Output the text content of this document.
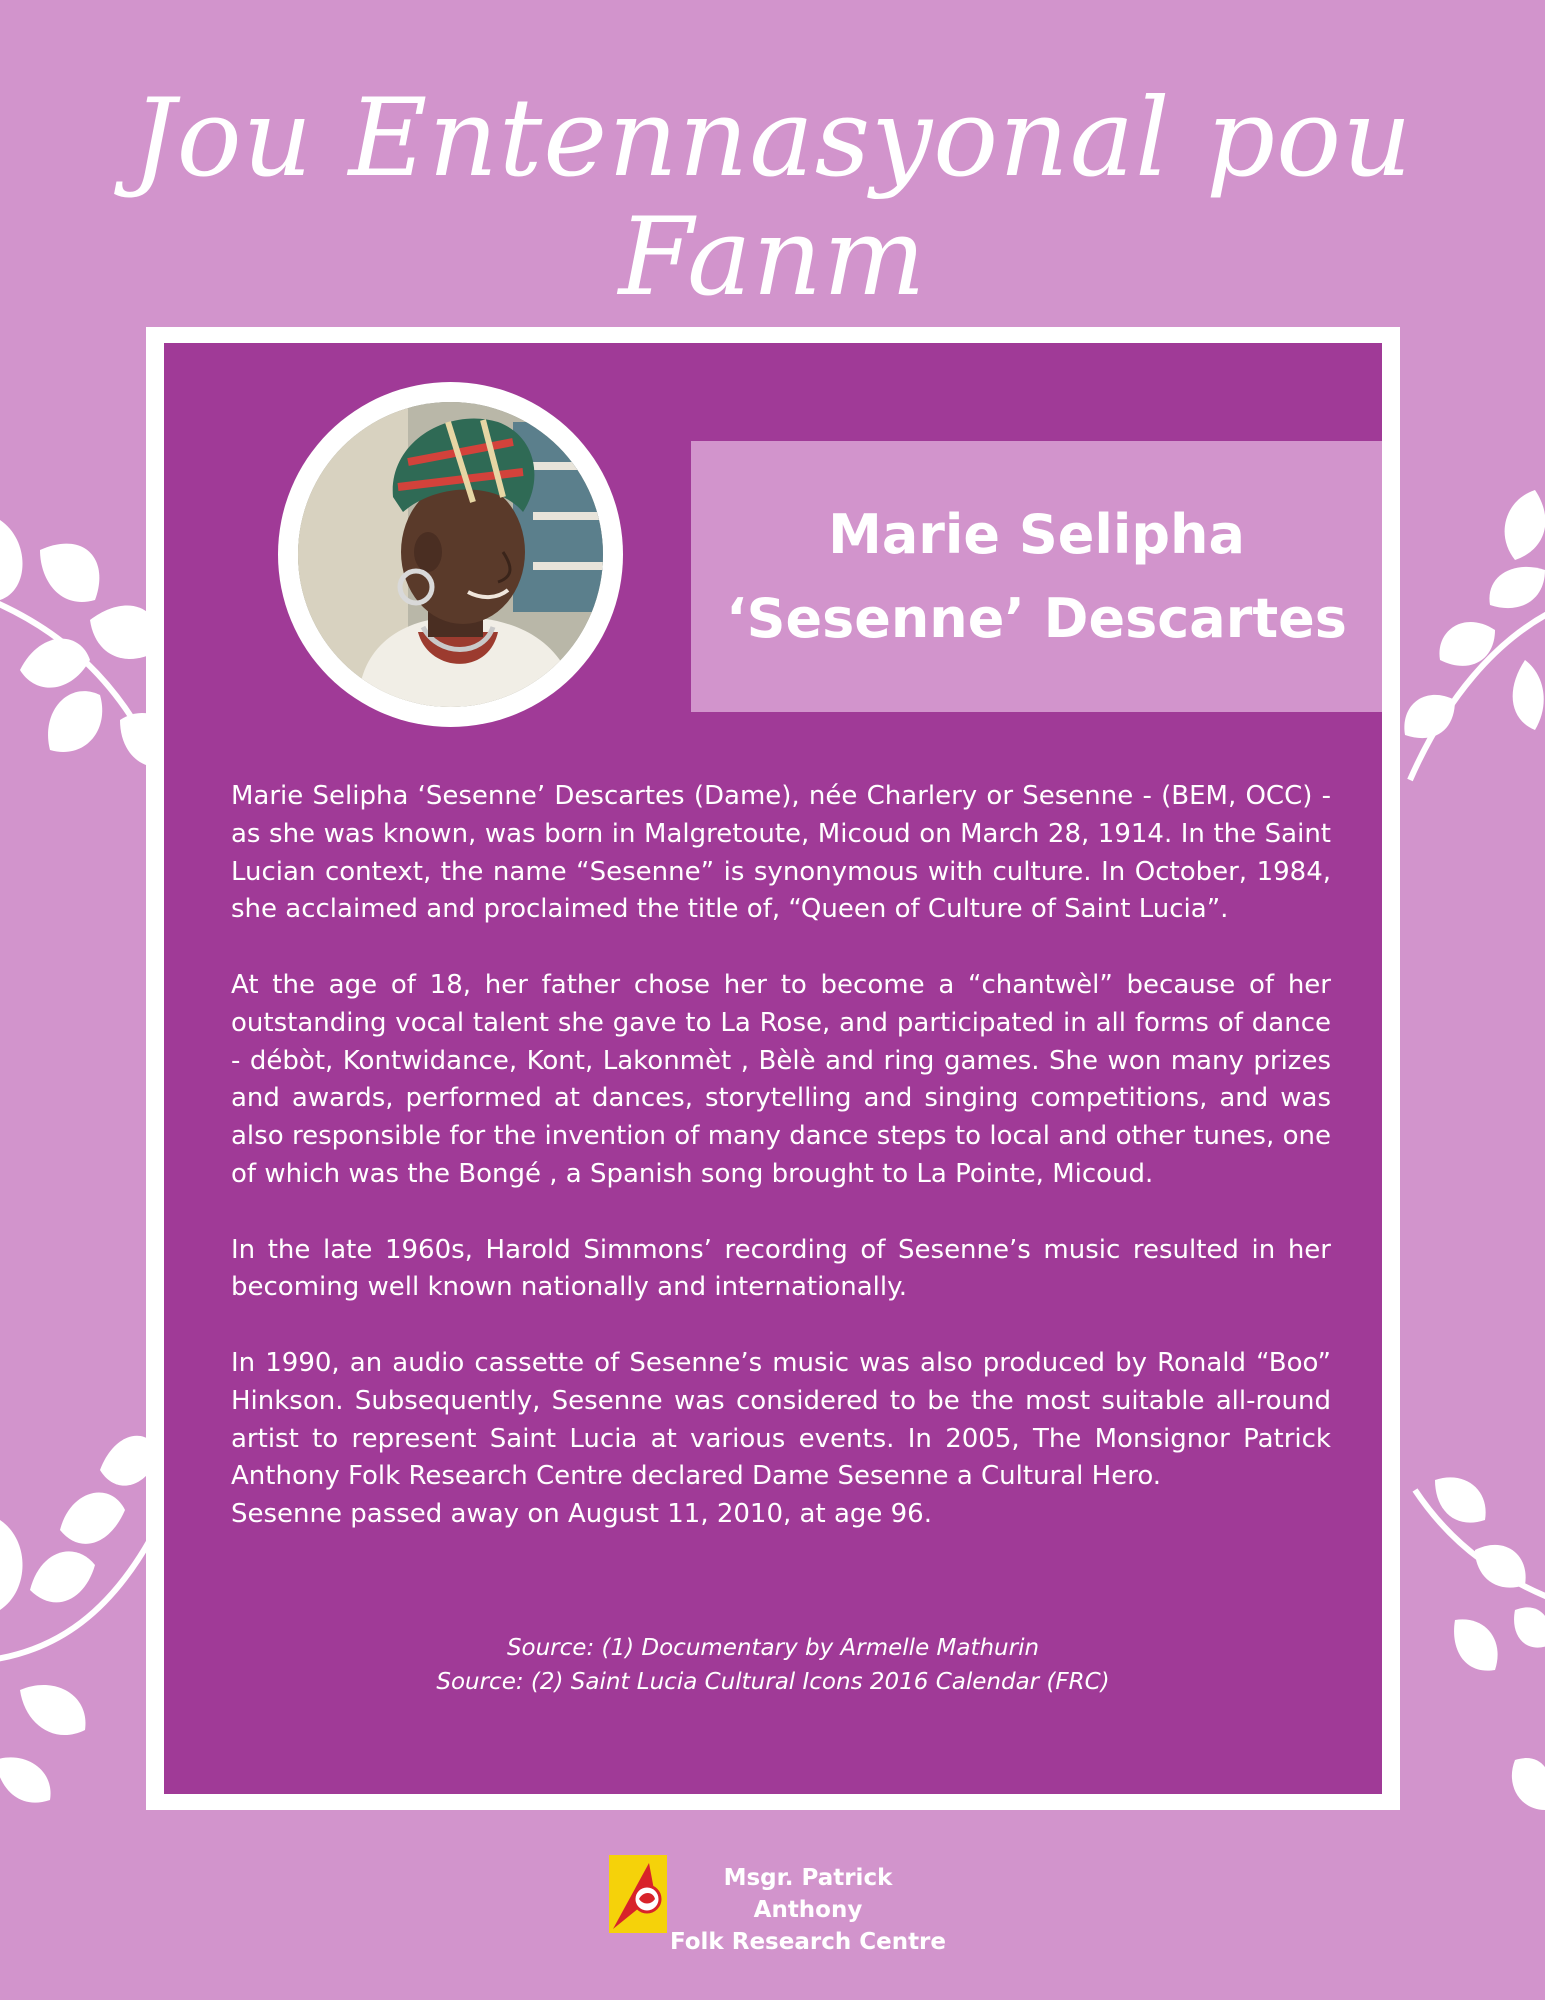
Jou Entennasyonal pou Fanm
Marie Selipha
‘Sesenne’ Descartes

Marie Selipha ‘Sesenne’ Descartes (Dame), née Charlery or Sesenne - (BEM, OCC) - as she was known, was born in Malgretoute, Micoud on March 28, 1914. In the Saint Lucian context, the name “Sesenne” is synonymous with culture. In October, 1984, she acclaimed and proclaimed the title of, “Queen of Culture of Saint Lucia”.

At the age of 18, her father chose her to become a “chantwèl” because of her outstanding vocal talent she gave to La Rose, and participated in all forms of dance - débòt, Kontwidance, Kont, Lakonmèt , Bèlè and ring games. She won many prizes and awards, performed at dances, storytelling and singing competitions, and was also responsible for the invention of many dance steps to local and other tunes, one of which was the Bongé , a Spanish song brought to La Pointe, Micoud.

In the late 1960s, Harold Simmons’ recording of Sesenne’s music resulted in her becoming well known nationally and internationally.

In 1990, an audio cassette of Sesenne’s music was also produced by Ronald “Boo” Hinkson. Subsequently, Sesenne was considered to be the most suitable all-round artist to represent Saint Lucia at various events. In 2005, The Monsignor Patrick Anthony Folk Research Centre declared Dame Sesenne a Cultural Hero.

Sesenne passed away on August 11, 2010, at age 96.

Source: (1) Documentary by Armelle Mathurin
Source: (2) Saint Lucia Cultural Icons 2016 Calendar (FRC)
Msgr. Patrick Anthony
Folk Research Centre
